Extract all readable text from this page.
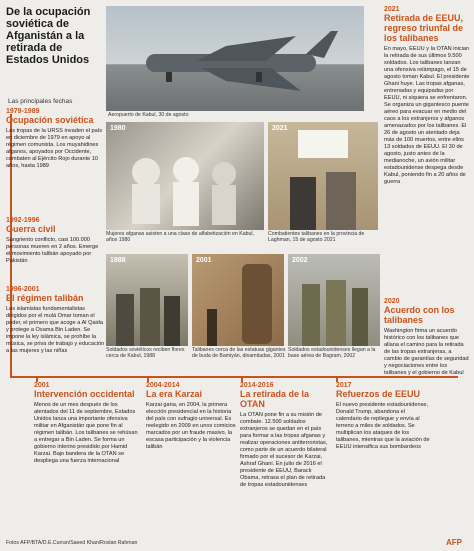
De la ocupación soviética de Afganistán a la retirada de Estados Unidos
Las principales fechas
1979-1989
Ocupación soviética
Las tropas de la URSS invaden el país en diciembre de 1979 en apoyo al régimen comunista. Los muyahidines afganos, apoyados por Occidente, combaten al Ejército Rojo durante 10 años, hasta 1989
1992-1996
Guerra civil
Sangriento conflicto, casi 100.000 personas mueren en 2 años. Emerge el movimiento talibán apoyado por Pakistán
1996-2001
El régimen talibán
Los islamistas fundamentalistas dirigidos por el mulá Omar toman el poder, el primero que acoge a Al Qaida y protege a Osama Bin Laden. Se impone la ley islámica, se prohíbe la música, se priva de trabajo y educación a las mujeres y las niñas
Aeropuerto de Kabul, 30 de agosto
1980
Mujeres afganas asisten a una clase de alfabetización en Kabul, años 1980
2021
Combatientes talibanes en la provincia de Laghman, 15 de agosto 2021
1988
Soldados soviéticos reciben flores cerca de Kabul, 1988
2001
Talibanes cerca de las estatuas gigantes de buda de Bamiyán, dinamitadas, 2001
2002
Soldados estadounidenses llegan a la base aérea de Bagram, 2002
2021
Retirada de EEUU, regreso triunfal de los talibanes
En mayo, EEUU y la OTAN inician la retirada de sus últimos 9.500 soldados. Los talibanes lanzan una ofensiva relámpago, el 15 de agosto toman Kabul. El presidente Ghani huye. Las tropas afganas, entrenadas y equipadas por EEUU, ni siquiera se enfrentaron. Se organiza un gigantesco puente aéreo para evacuar en medio del caos a los extranjeros y afganos amenazados por los talibanes. El 26 de agosto un atentado deja más de 100 muertos, entre ellos 13 soldados de EEUU. El 30 de agosto, justo antes de la medianoche, un avión militar estadounidense despega desde Kabul, poniendo fin a 20 años de guerra
2020
Acuerdo con los talibanes
Washington firma un acuerdo histórico con los talibanes que allana el camino para la retirada de las tropas extranjeras, a cambio de garantías de seguridad y negociaciones entre los talibanes y el gobierno de Kabul
2001
Intervención occidental
Menos de un mes después de los atentados del 11 de septiembre, Estados Unidos lanza una importante ofensiva militar en Afganistán que pone fin al régimen talibán. Los talibanes se rehúsan a entregar a Bin Laden. Se forma un gobierno interino presidido por Hamid Karzai. Bajo bandera de la OTAN se despliega una fuerza internacional
2004-2014
La era Karzai
Karzai gana, en 2004, la primera elección presidencial en la historia del país con sufragio universal. Es reelegido en 2009 en unos comicios marcados por un fraude masivo, la escasa participación y la violencia talibán
2014-2016
La retirada de la OTAN
La OTAN pone fin a su misión de combate. 12.500 soldados extranjeros se quedan en el país para formar a las tropas afganas y realizar operaciones antiterroristas, como parte de un acuerdo bilateral firmado por el sucesor de Karzai, Ashraf Ghani. En julio de 2016 el presidente de EEUU, Barack Obama, retrasa el plan de retirada de tropas estadounidenses
2017
Refuerzos de EEUU
El nuevo presidente estadounidense, Donald Trump, abandona el calendario de repliegue y envía al terreno a miles de soldados. Se multiplican los ataques de los talibanes, mientras que la aviación de EEUU intensifica sus bombardeos
Fotos AFP/BTA/D.E.Curran/Saeed Khan/Roslan Rahman	AFP
